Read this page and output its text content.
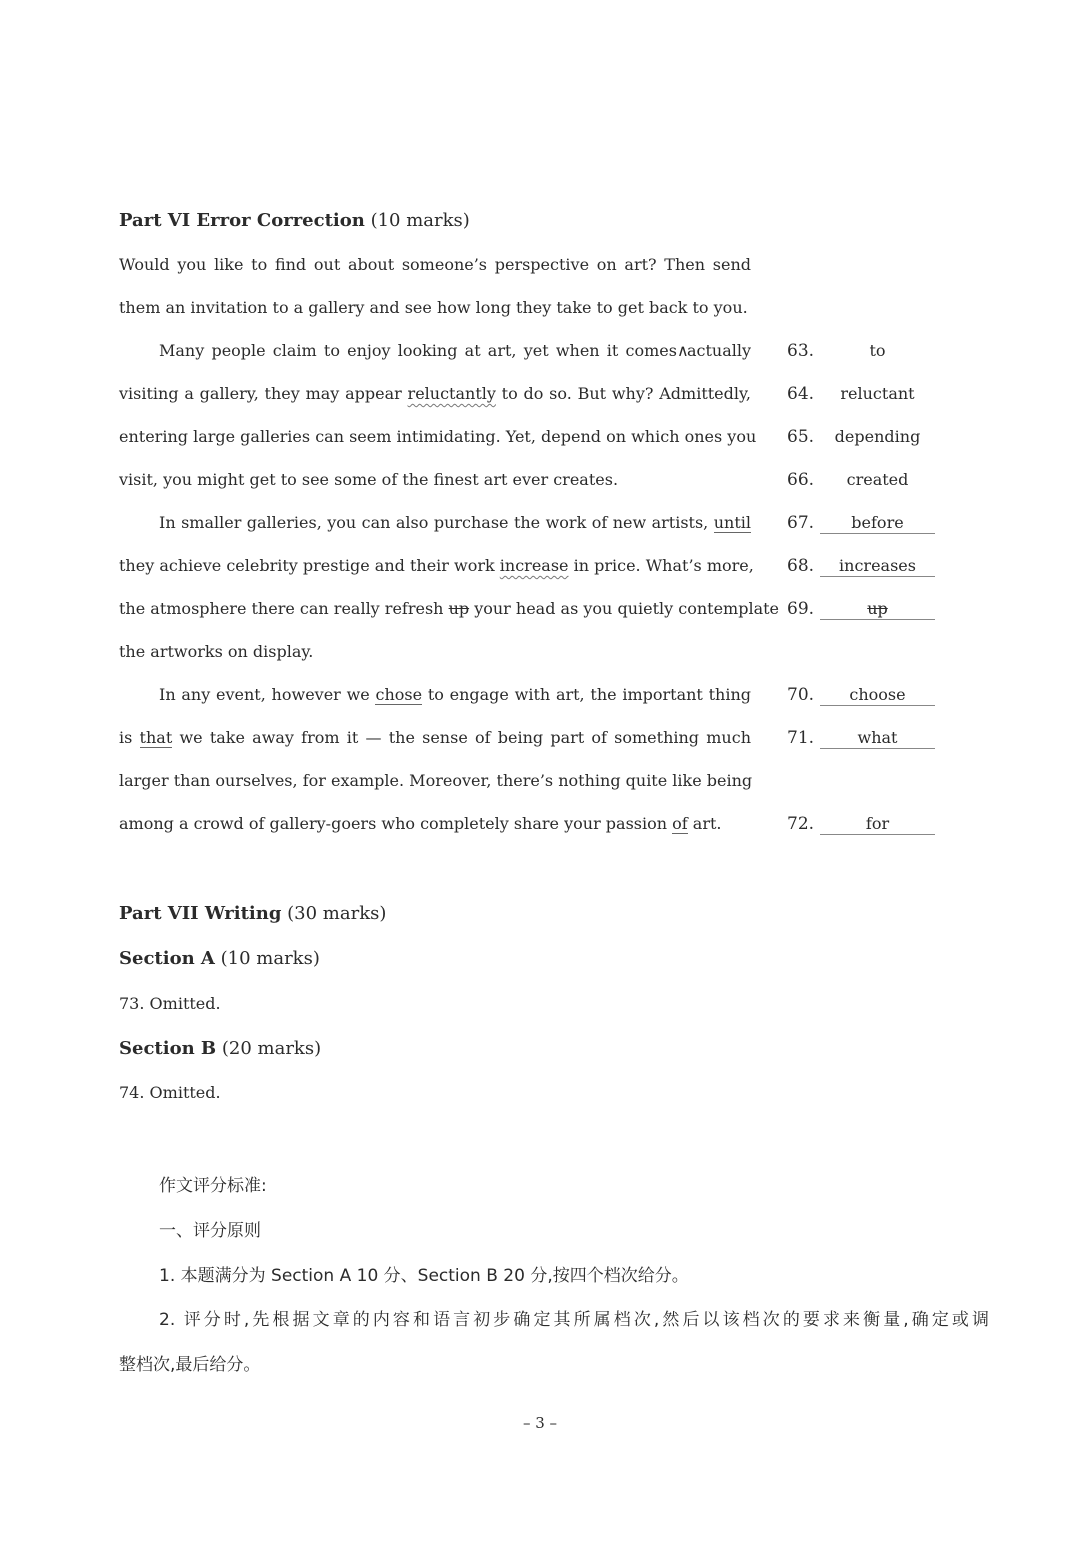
Part VI Error Correction (10 marks)
Would you like to find out about someone’s perspective on art? Then send
them an invitation to a gallery and see how long they take to get back to you.
Many people claim to enjoy looking at art, yet when it comes∧actually
visiting a gallery, they may appear reluctantly to do so. But why? Admittedly,
entering large galleries can seem intimidating. Yet, depend on which ones you
visit, you might get to see some of the finest art ever creates.
In smaller galleries, you can also purchase the work of new artists, until
they achieve celebrity prestige and their work increase in price. What’s more,
the atmosphere there can really refresh up your head as you quietly contemplate
the artworks on display.
In any event, however we chose to engage with art, the important thing
is that we take away from it — the sense of being part of something much
larger than ourselves, for example. Moreover, there’s nothing quite like being
among a crowd of gallery-goers who completely share your passion of art.
63.	to
64.	reluctant
65.	depending
66.	created
67.	before
68.	increases
69.	up
70.	choose
71.	what
72.	for
Part VII Writing (30 marks)
Section A (10 marks)
73. Omitted.
Section B (20 marks)
74. Omitted.
作文评分标准:
一、评分原则
1. 本题满分为 Section A 10 分、Section B 20 分,按四个档次给分。
2. 评分时,先根据文章的内容和语言初步确定其所属档次,然后以该档次的要求来衡量,确定或调
整档次,最后给分。
– 3 –
